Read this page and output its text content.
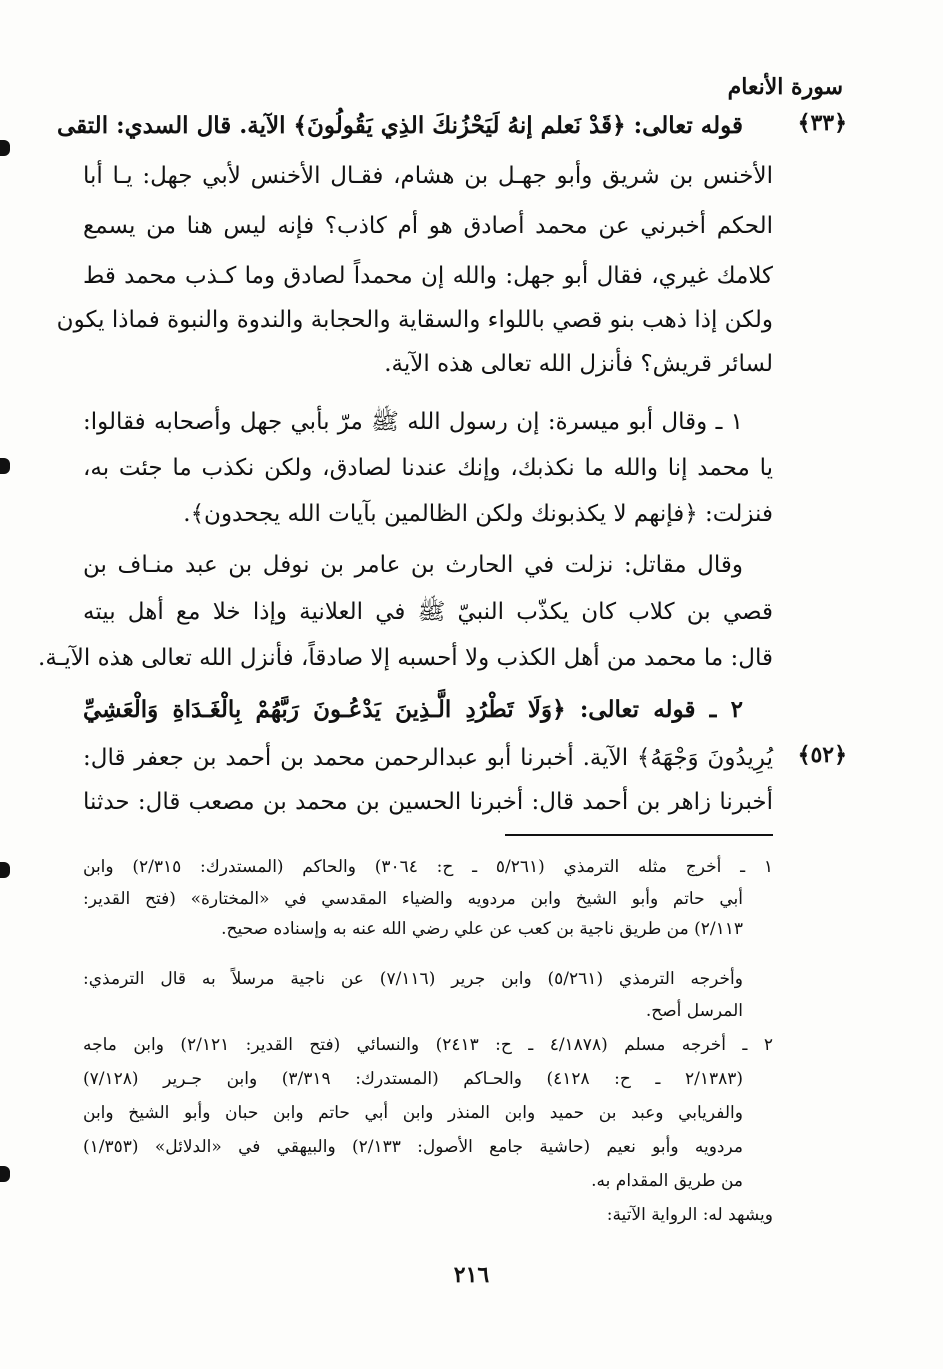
سورة الأنعام
﴿٣٣﴾
﴿٥٢﴾
قوله تعالى: ﴿قَدْ نَعلم إنهُ لَيَحْزُنكَ الذِي يَقُولُونَ﴾ الآية. قال السدي: التقى
الأخنس بن شريق وأبو جهـل بن هشام، فقـال الأخنس لأبي جهل: يـا أبا
الحكم أخبرني عن محمد أصادق هو أم كاذب؟ فإنه ليس هنا من يسمع
كلامك غيري، فقال أبو جهل: والله إن محمداً لصادق وما كـذب محمد قط
ولكن إذا ذهب بنو قصي باللواء والسقاية والحجابة والندوة والنبوة فماذا يكون
لسائر قريش؟ فأنزل الله تعالى هذه الآية.
١ ـ وقال أبو ميسرة: إن رسول الله ﷺ مرّ بأبي جهل وأصحابه فقالوا:
يا محمد إنا والله ما نكذبك، وإنك عندنا لصادق، ولكن نكذب ما جئت به،
فنزلت: ﴿فإنهم لا يكذبونك ولكن الظالمين بآيات الله يجحدون﴾.
وقال مقاتل: نزلت في الحارث بن عامر بن نوفل بن عبد منـاف بن
قصي بن كلاب كان يكذّب النبيّ ﷺ في العلانية وإذا خلا مع أهل بيته
قال: ما محمد من أهل الكذب ولا أحسبه إلا صادقاً، فأنزل الله تعالى هذه الآيـة.
٢ ـ قوله تعالى: ﴿وَلَا تَطْرُدِ الَّـذِينَ يَدْعُـونَ رَبَّهُمْ بِالْغَـدَاةِ وَالْعَشِيِّ
يُرِيدُونَ وَجْهَهُ﴾ الآية. أخبرنا أبو عبدالرحمن محمد بن أحمد بن جعفر قال:
أخبرنا زاهر بن أحمد قال: أخبرنا الحسين بن محمد بن مصعب قال: حدثنا
١ ـ أخرج مثله الترمذي (٥/٢٦١ ـ ح: ٣٠٦٤) والحاكم (المستدرك: ٢/٣١٥) وابن
أبي حاتم وأبو الشيخ وابن مردويه والضياء المقدسي في «المختارة» (فتح القدير:
٢/١١٣) من طريق ناجية بن كعب عن علي رضي الله عنه به وإسناده صحيح.
وأخرجه الترمذي (٥/٢٦١) وابن جرير (٧/١١٦) عن ناجية مرسلاً به قال الترمذي:
المرسل أصح.
٢ ـ أخرجه مسلم (٤/١٨٧٨ ـ ح: ٢٤١٣) والنسائي (فتح القدير: ٢/١٢١) وابن ماجه
(٢/١٣٨٣ ـ ح: ٤١٢٨) والحـاكم (المستدرك: ٣/٣١٩) وابن جـرير (٧/١٢٨)
والفريابي وعبد بن حميد وابن المنذر وابن أبي حاتم وابن حبان وأبو الشيخ وابن
مردويه وأبو نعيم (حاشية جامع الأصول: ٢/١٣٣) والبيهقي في «الدلائل» (١/٣٥٣)
من طريق المقدام به.
ويشهد له: الرواية الآتية:
٢١٦
